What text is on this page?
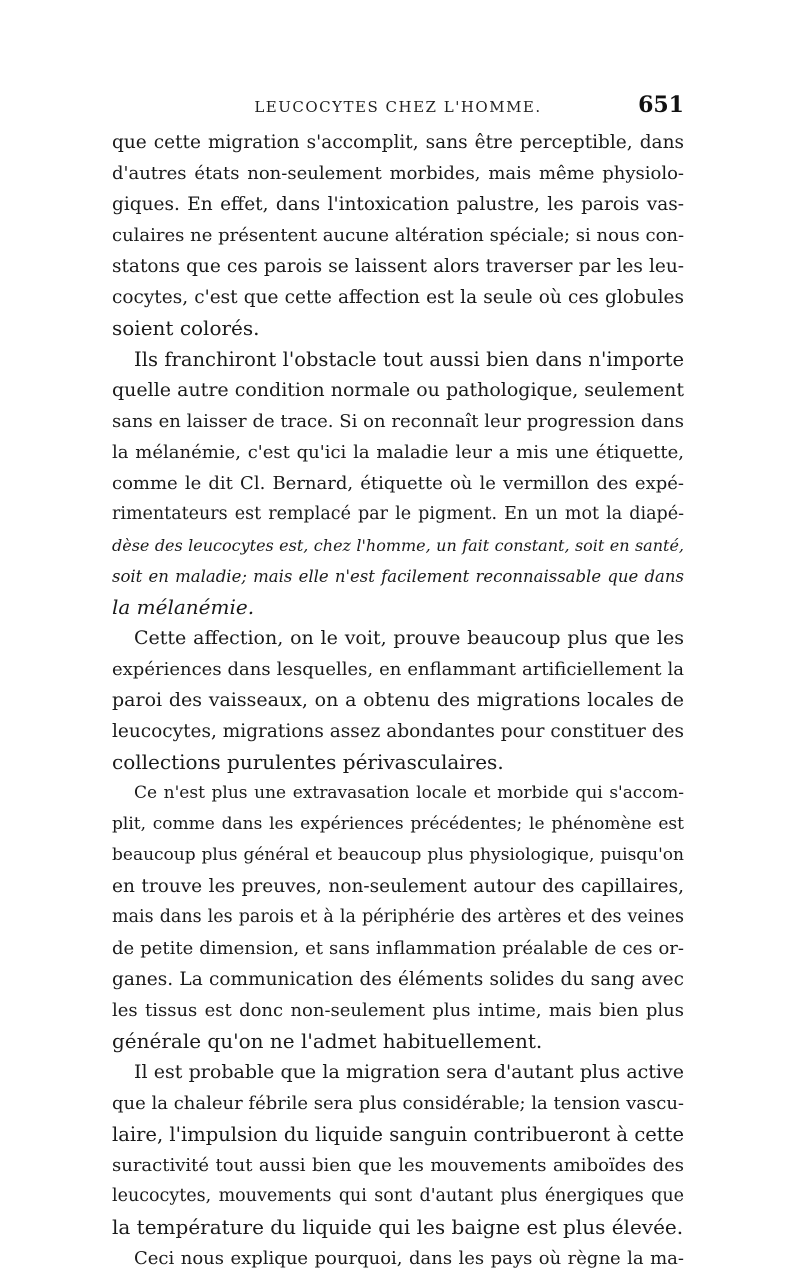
LEUCOCYTES CHEZ L'HOMME.	651
que cette migration s'accomplit, sans être perceptible, dans
d'autres états non-seulement morbides, mais même physiolo-
giques. En effet, dans l'intoxication palustre, les parois vas-
culaires ne présentent aucune altération spéciale; si nous con-
statons que ces parois se laissent alors traverser par les leu-
cocytes, c'est que cette affection est la seule où ces globules
soient colorés.
Ils franchiront l'obstacle tout aussi bien dans n'importe
quelle autre condition normale ou pathologique, seulement
sans en laisser de trace. Si on reconnaît leur progression dans
la mélanémie, c'est qu'ici la maladie leur a mis une étiquette,
comme le dit Cl. Bernard, étiquette où le vermillon des expé-
rimentateurs est remplacé par le pigment. En un mot la diapé-
dèse des leucocytes est, chez l'homme, un fait constant, soit en santé,
soit en maladie; mais elle n'est facilement reconnaissable que dans
la mélanémie.
Cette affection, on le voit, prouve beaucoup plus que les
expériences dans lesquelles, en enflammant artificiellement la
paroi des vaisseaux, on a obtenu des migrations locales de
leucocytes, migrations assez abondantes pour constituer des
collections purulentes périvasculaires.
Ce n'est plus une extravasation locale et morbide qui s'accom-
plit, comme dans les expériences précédentes; le phénomène est
beaucoup plus général et beaucoup plus physiologique, puisqu'on
en trouve les preuves, non-seulement autour des capillaires,
mais dans les parois et à la périphérie des artères et des veines
de petite dimension, et sans inflammation préalable de ces or-
ganes. La communication des éléments solides du sang avec
les tissus est donc non-seulement plus intime, mais bien plus
générale qu'on ne l'admet habituellement.
Il est probable que la migration sera d'autant plus active
que la chaleur fébrile sera plus considérable; la tension vascu-
laire, l'impulsion du liquide sanguin contribueront à cette
suractivité tout aussi bien que les mouvements amiboïdes des
leucocytes, mouvements qui sont d'autant plus énergiques que
la température du liquide qui les baigne est plus élevée.
Ceci nous explique pourquoi, dans les pays où règne la ma-
